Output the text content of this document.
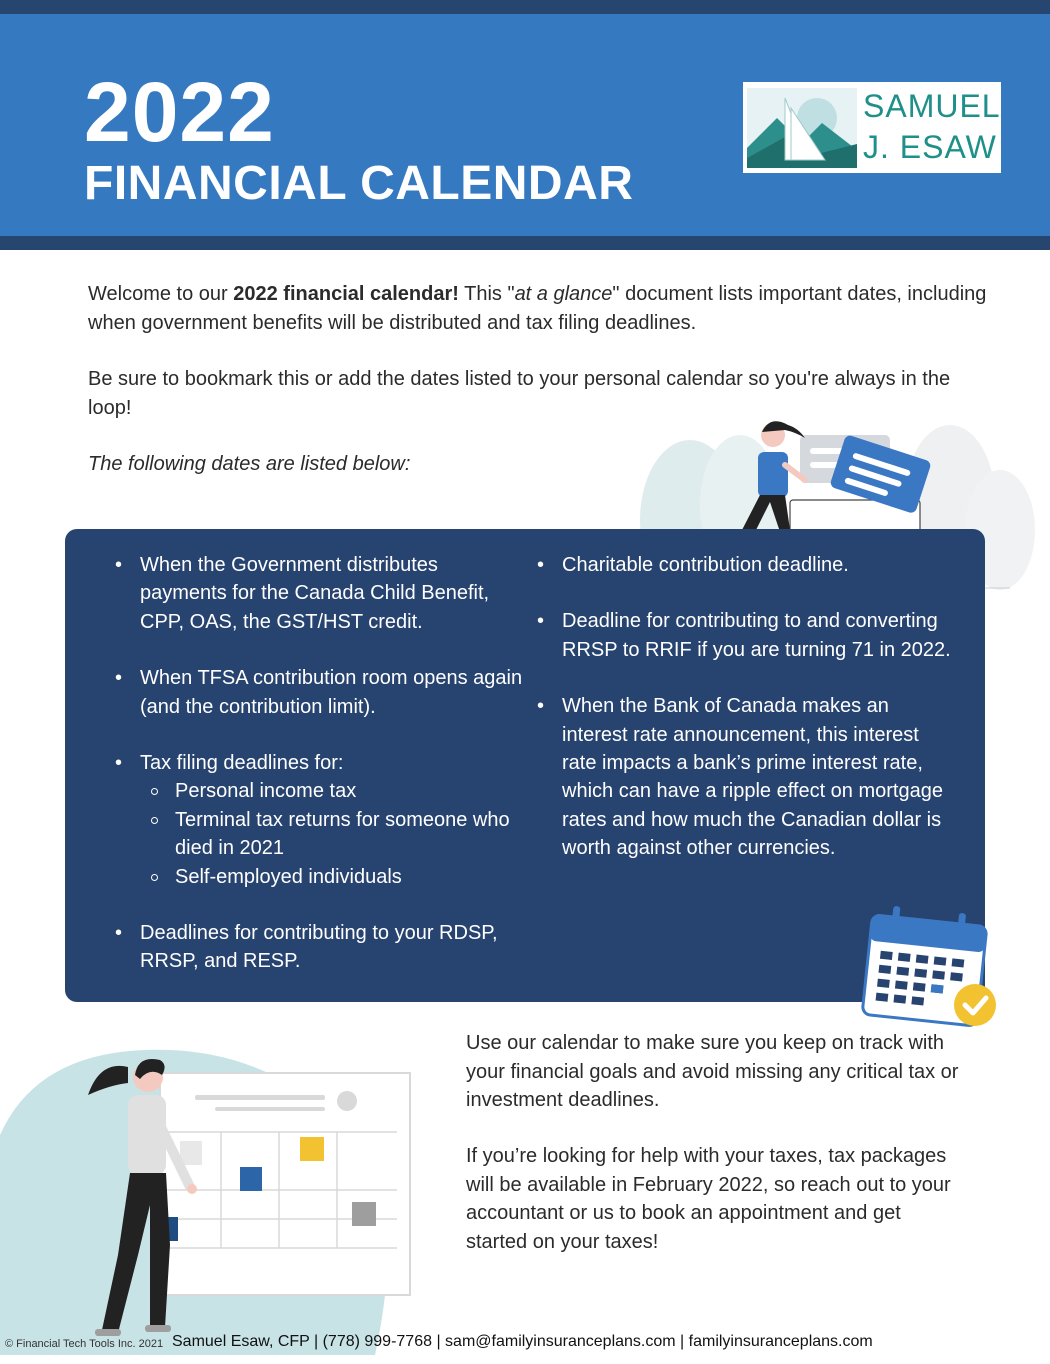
2022
FINANCIAL CALENDAR
SAMUEL
J. ESAW
Welcome to our 2022 financial calendar! This "at a glance" document lists important dates, including when government benefits will be distributed and tax filing deadlines.
Be sure to bookmark this or add the dates listed to your personal calendar so you're always in the loop!
The following dates are listed below:
• When the Government distributes payments for the Canada Child Benefit, CPP, OAS, the GST/HST credit.
• When TFSA contribution room opens again (and the contribution limit).
• Tax filing deadlines for:
Personal income tax
Terminal tax returns for someone who died in 2021
Self-employed individuals
• Deadlines for contributing to your RDSP, RRSP, and RESP.
• Charitable contribution deadline.
• Deadline for contributing to and converting RRSP to RRIF if you are turning 71 in 2022.
• When the Bank of Canada makes an interest rate announcement, this interest rate impacts a bank’s prime interest rate, which can have a ripple effect on mortgage rates and how much the Canadian dollar is worth against other currencies.
Use our calendar to make sure you keep on track with your financial goals and avoid missing any critical tax or investment deadlines.
If you’re looking for help with your taxes, tax packages will be available in February 2022, so reach out to your accountant or us to book an appointment and get started on your taxes!
© Financial Tech Tools Inc. 2021 Samuel Esaw, CFP | (778) 999-7768 | sam@familyinsuranceplans.com | familyinsuranceplans.com
